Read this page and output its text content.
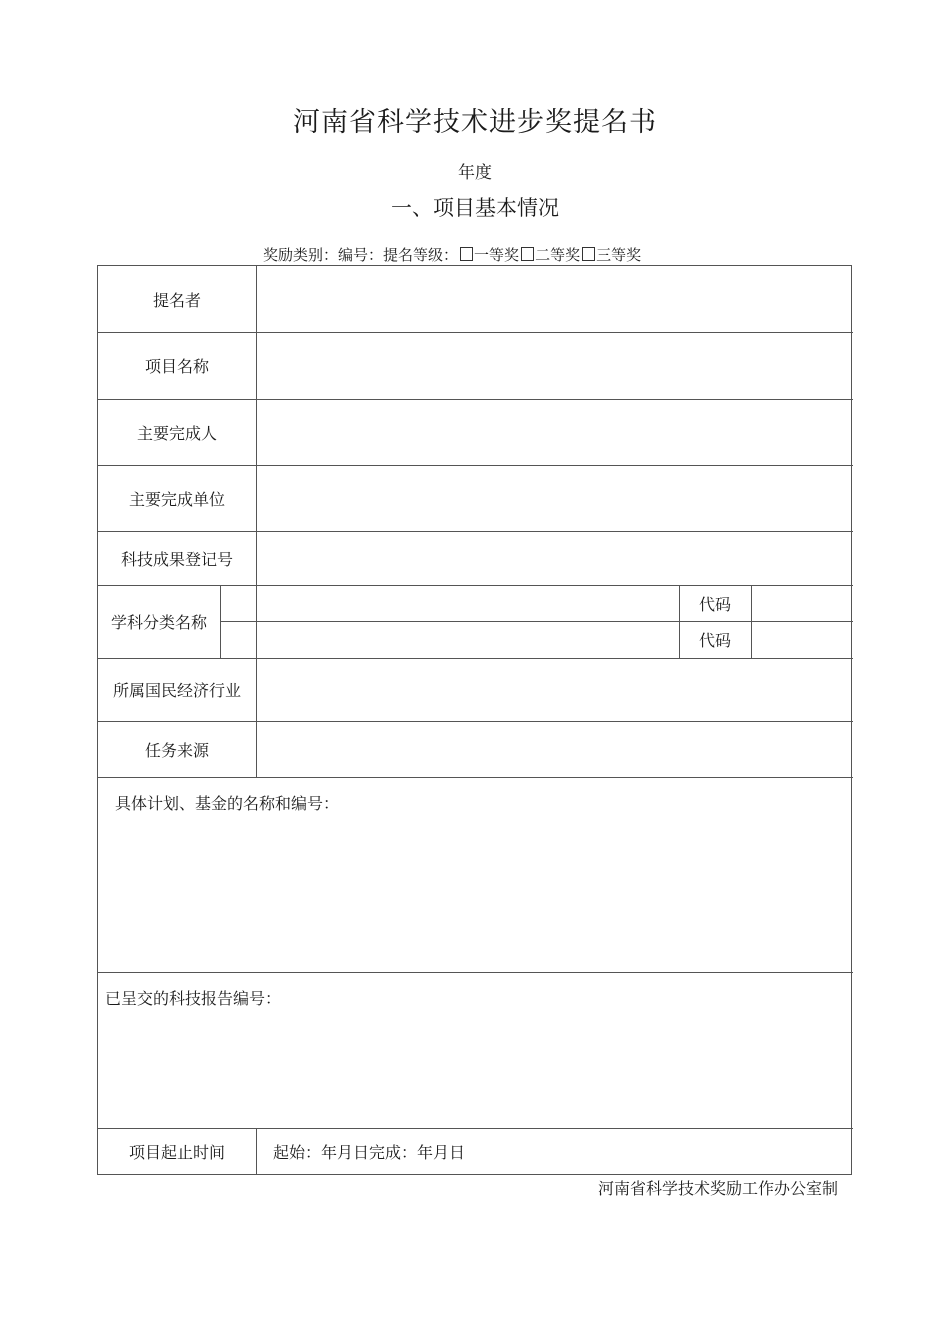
河南省科学技术进步奖提名书
年度
一、项目基本情况
奖励类别：编号：提名等级： 一等奖 二等奖 三等奖
提名者
项目名称
主要完成人
主要完成单位
科技成果登记号
学科分类名称
代码
代码
所属国民经济行业
任务来源
具体计划、基金的名称和编号：
已呈交的科技报告编号：
项目起止时间	起始：年月日完成：年月日
河南省科学技术奖励工作办公室制
